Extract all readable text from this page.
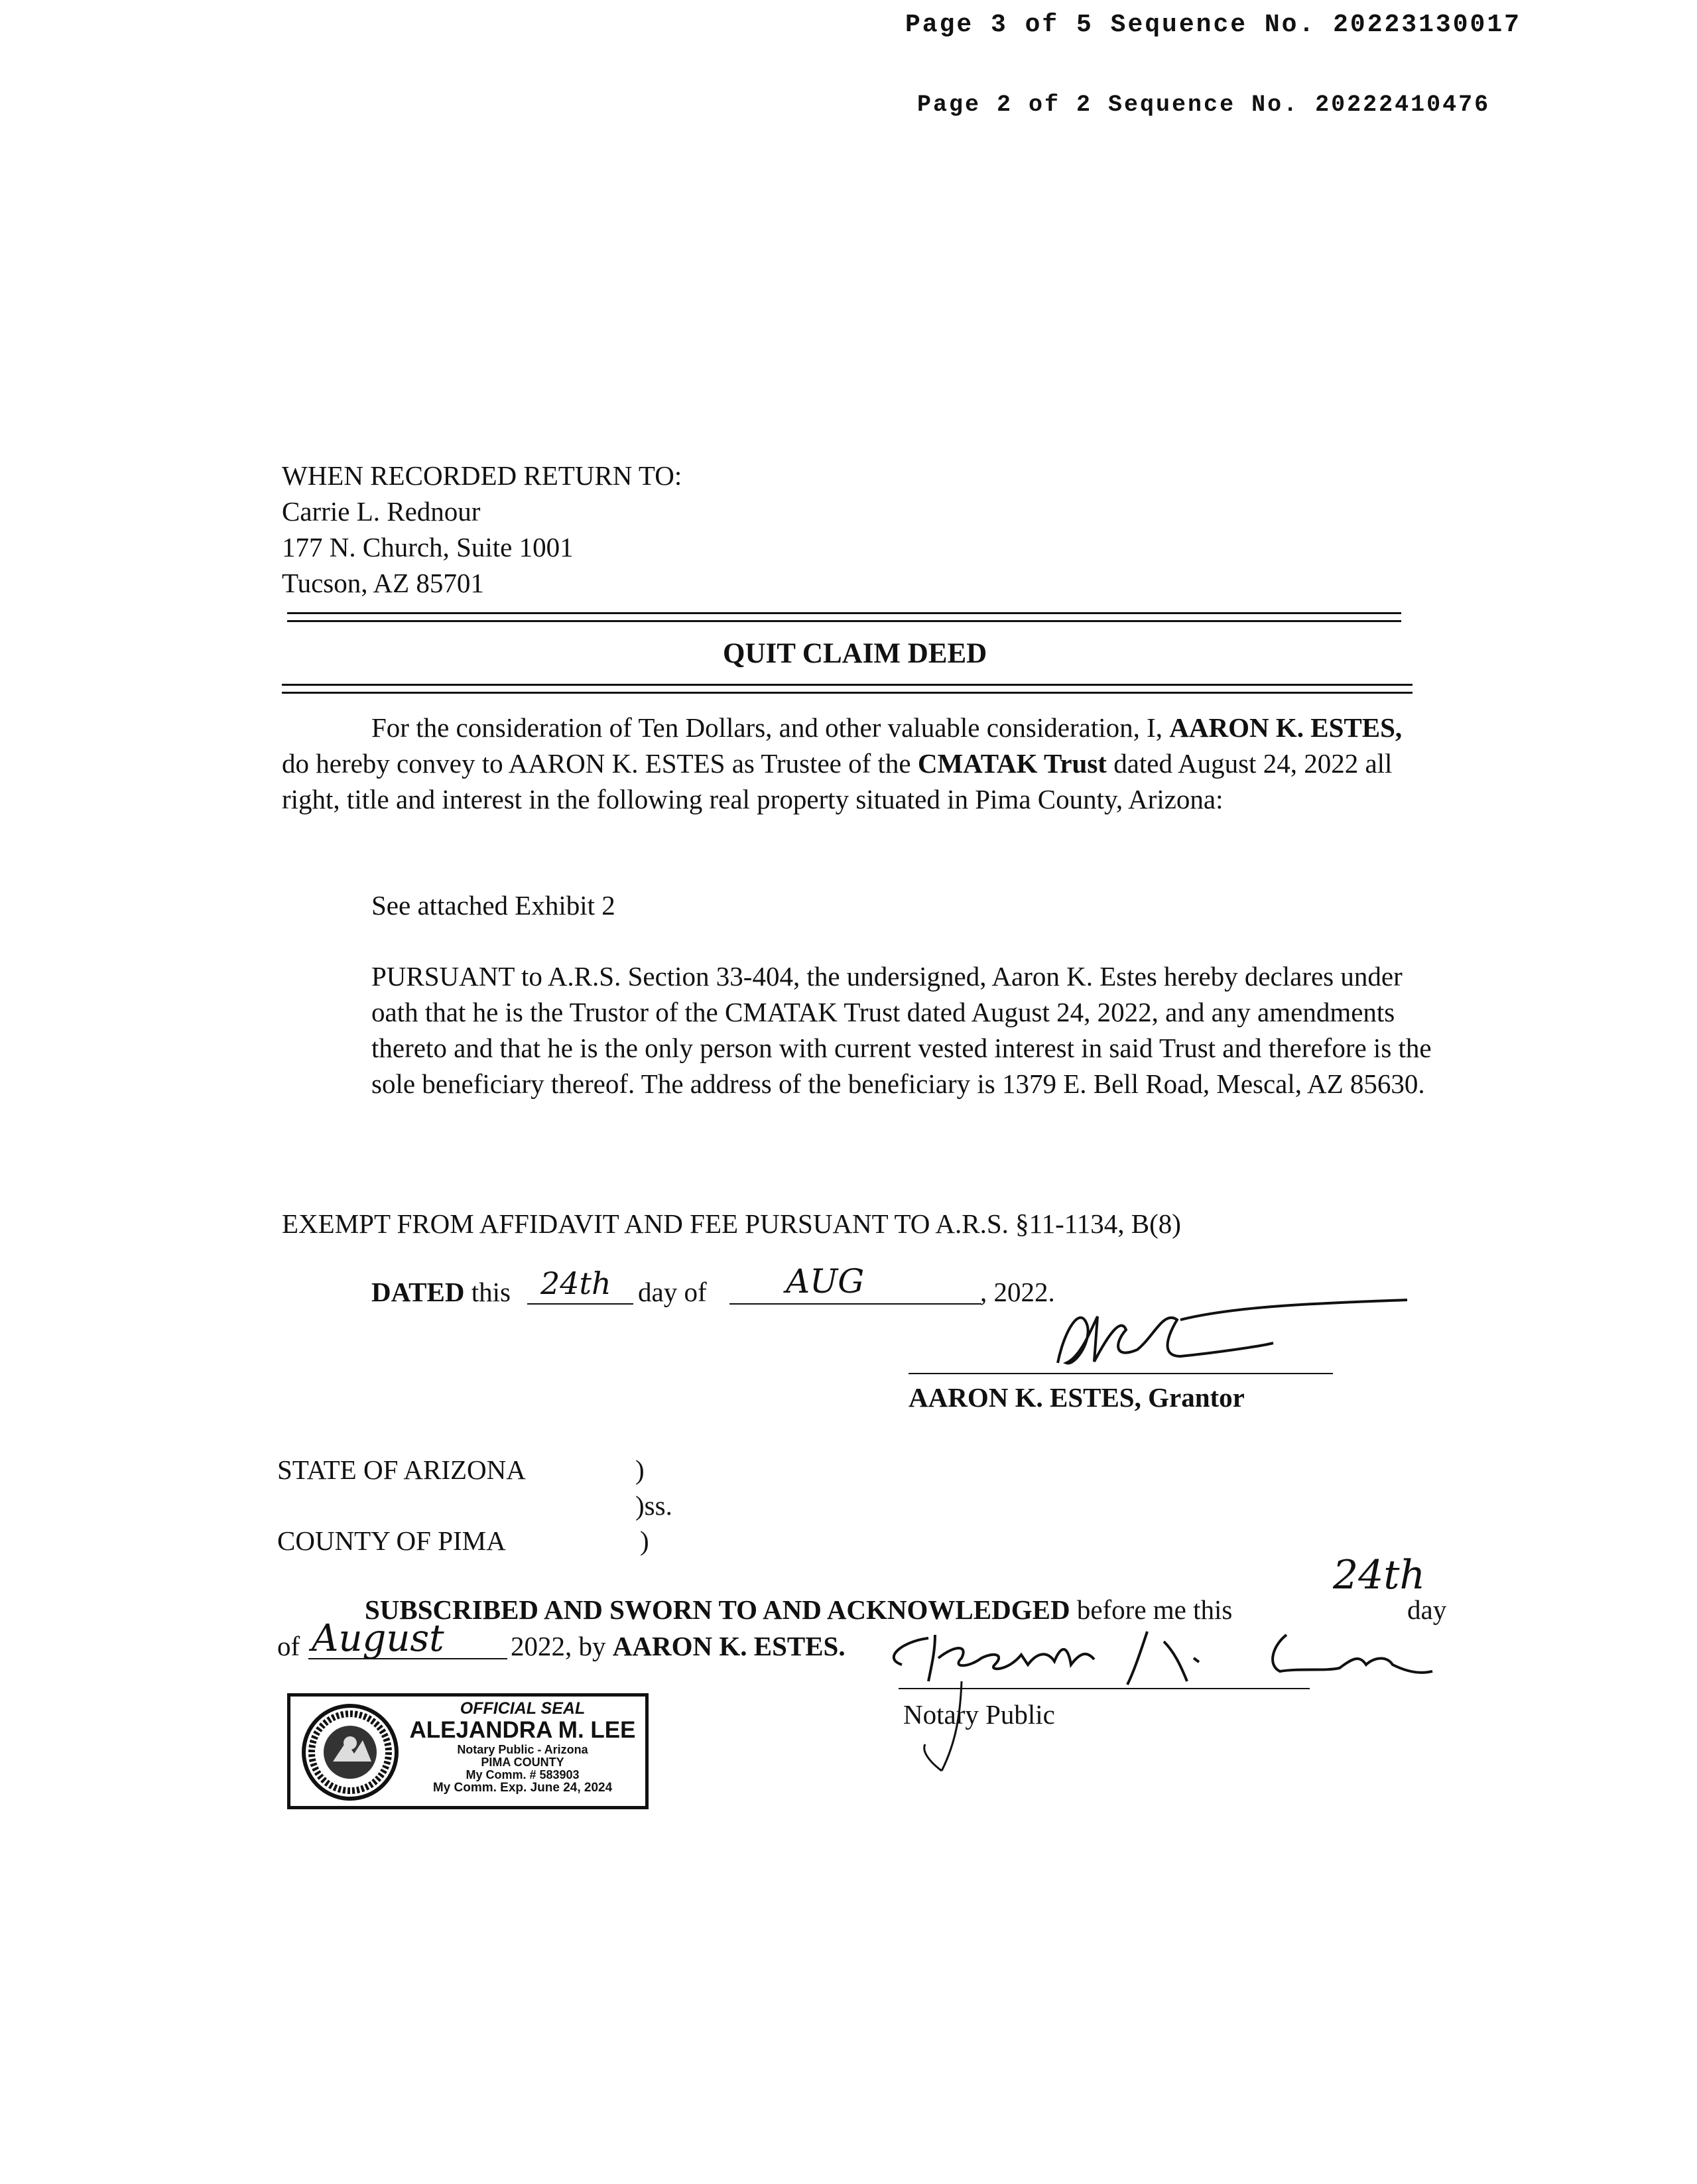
Page 3 of 5 Sequence No. 20223130017
Page 2 of 2 Sequence No. 20222410476
WHEN RECORDED RETURN TO:
Carrie L. Rednour
177 N. Church, Suite 1001
Tucson, AZ 85701
QUIT CLAIM DEED
For the consideration of Ten Dollars, and other valuable consideration, I, AARON K. ESTES, do hereby convey to AARON K. ESTES as Trustee of the CMATAK Trust dated August 24, 2022 all right, title and interest in the following real property situated in Pima County, Arizona:
See attached Exhibit 2
PURSUANT to A.R.S. Section 33-404, the undersigned, Aaron K. Estes hereby declares under oath that he is the Trustor of the CMATAK Trust dated August 24, 2022, and any amendments thereto and that he is the only person with current vested interest in said Trust and therefore is the sole beneficiary thereof. The address of the beneficiary is 1379 E. Bell Road, Mescal, AZ 85630.
EXEMPT FROM AFFIDAVIT AND FEE PURSUANT TO A.R.S. §11-1134, B(8)
DATED this 24th day of AUG	, 2022.
AARON K. ESTES, Grantor
STATE OF ARIZONA	)
)ss.
COUNTY OF PIMA	)
SUBSCRIBED AND SWORN TO AND ACKNOWLEDGED before me this
24th
day
of August 2022, by AARON K. ESTES.
Notary Public
OFFICIAL SEAL
ALEJANDRA M. LEE
Notary Public - Arizona
PIMA COUNTY
My Comm. # 583903
My Comm. Exp. June 24, 2024
